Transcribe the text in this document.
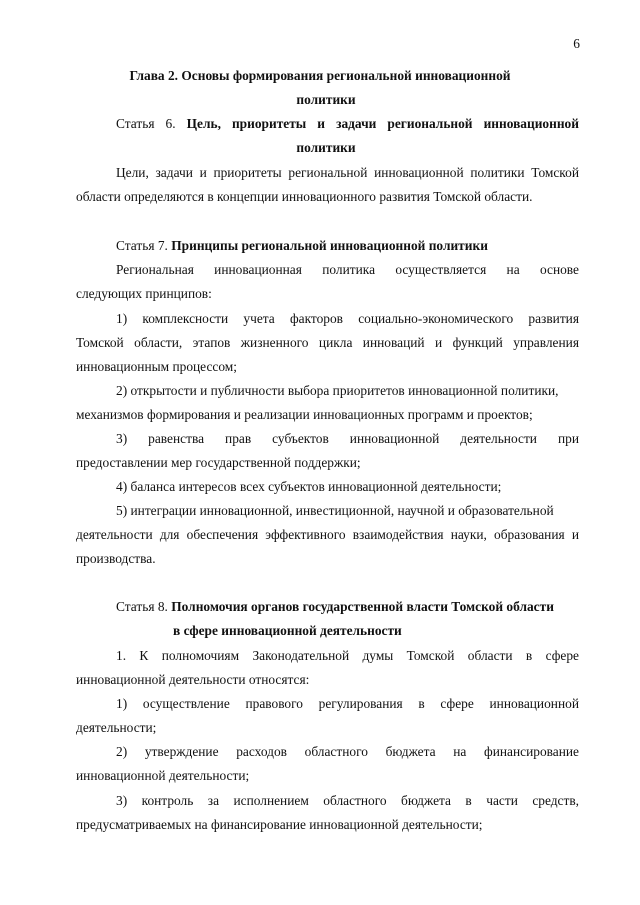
6

Глава 2. Основы формирования региональной инновационной

политики

Статья 6. Цель, приоритеты и задачи региональной инновационной

политики

Цели, задачи и приоритеты региональной инновационной политики Томской

области определяются в концепции инновационного развития Томской области.

Статья 7. Принципы региональной инновационной политики

Региональная инновационная политика осуществляется на основе

следующих принципов:

1) комплексности учета факторов социально-экономического развития

Томской области, этапов жизненного цикла инноваций и функций управления

инновационным процессом;

2) открытости и публичности выбора приоритетов инновационной политики,

механизмов формирования и реализации инновационных программ и проектов;

3) равенства прав субъектов инновационной деятельности при

предоставлении мер государственной поддержки;

4) баланса интересов всех субъектов инновационной деятельности;

5) интеграции инновационной, инвестиционной, научной и образовательной

деятельности для обеспечения эффективного взаимодействия науки, образования и

производства.

Статья 8. Полномочия органов государственной власти Томской области

в сфере инновационной деятельности

1. К полномочиям Законодательной думы Томской области в сфере

инновационной деятельности относятся:

1) осуществление правового регулирования в сфере инновационной

деятельности;

2) утверждение расходов областного бюджета на финансирование

инновационной деятельности;

3) контроль за исполнением областного бюджета в части средств,

предусматриваемых на финансирование инновационной деятельности;
